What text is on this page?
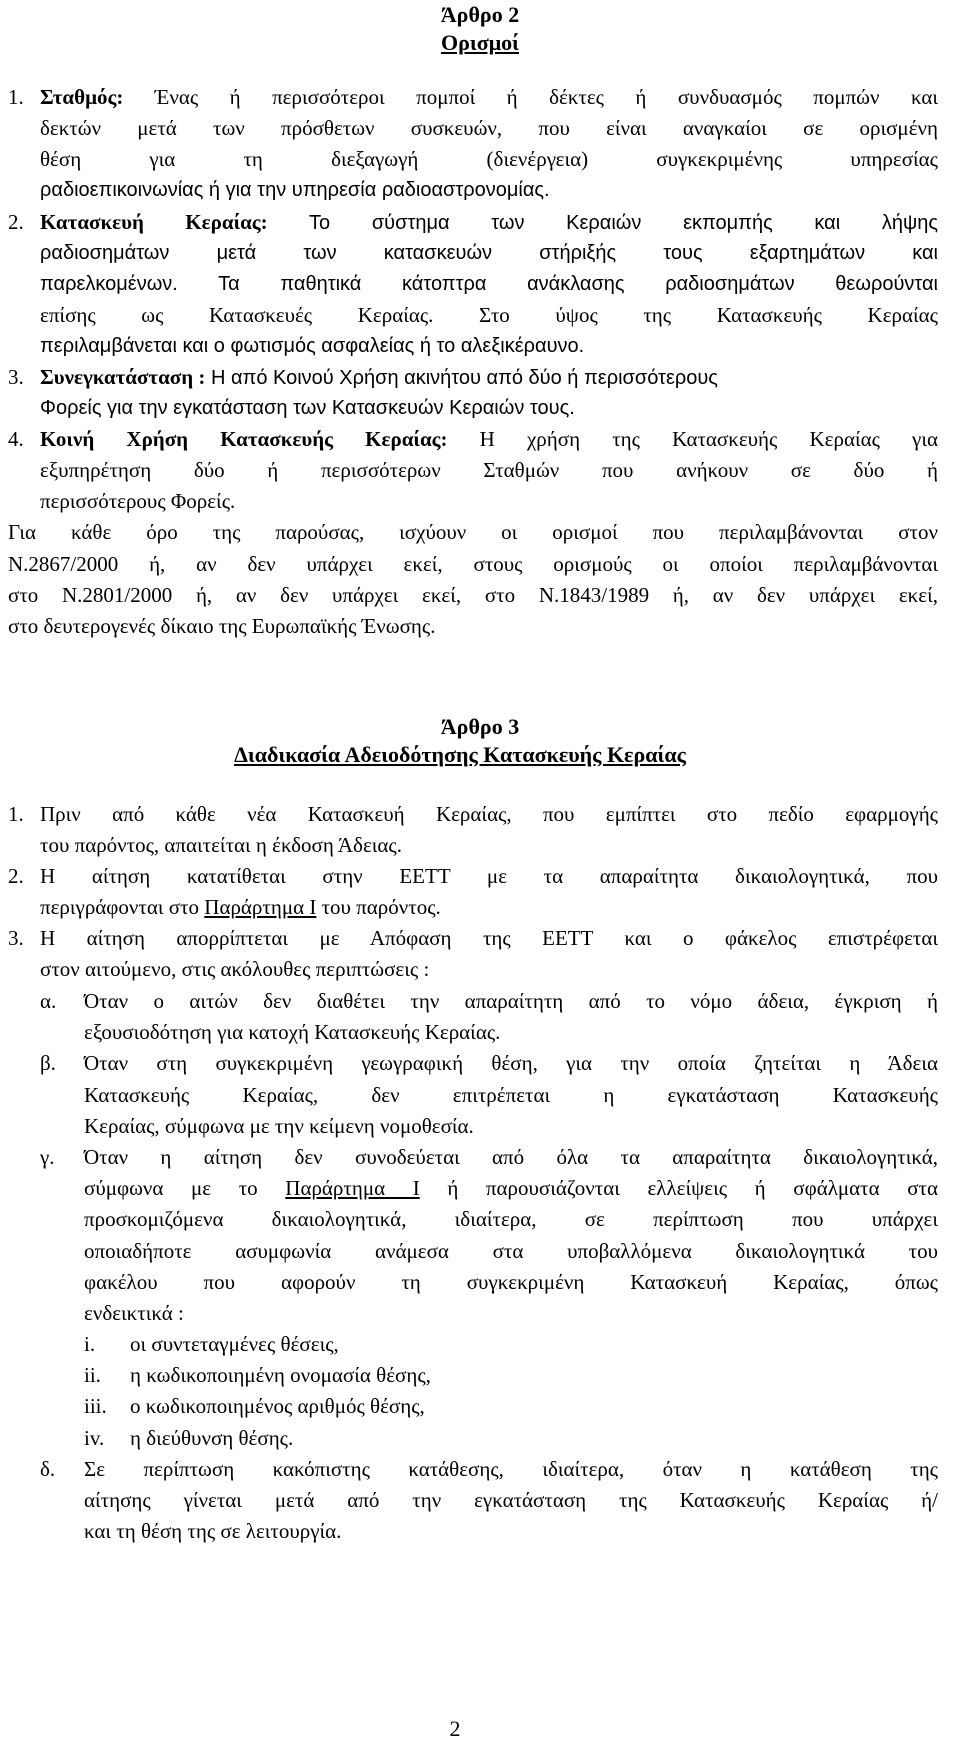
Άρθρο 2
Ορισμοί
1. Σταθμός: Ένας ή περισσότεροι πομποί ή δέκτες ή συνδυασμός πομπών και
δεκτών μετά των πρόσθετων συσκευών, που είναι αναγκαίοι σε ορισμένη
θέση για τη διεξαγωγή (διενέργεια) συγκεκριμένης υπηρεσίας
ραδιοεπικοινωνίας ή για την υπηρεσία ραδιοαστρονομίας.
2. Κατασκευή Κεραίας: Το σύστημα των Κεραιών εκπομπής και λήψης
ραδιοσημάτων μετά των κατασκευών στήριξής τους εξαρτημάτων και
παρελκομένων. Τα παθητικά κάτοπτρα ανάκλασης ραδιοσημάτων θεωρούνται
επίσης ως Κατασκευές Κεραίας. Στο ύψος της Κατασκευής Κεραίας
περιλαμβάνεται και ο φωτισμός ασφαλείας ή το αλεξικέραυνο.
3. Συνεγκατάσταση : Η από Κοινού Χρήση ακινήτου από δύο ή περισσότερους
Φορείς για την εγκατάσταση των Κατασκευών Κεραιών τους.
4. Κοινή Χρήση Κατασκευής Κεραίας: Η χρήση της Κατασκευής Κεραίας για
εξυπηρέτηση δύο ή περισσότερων Σταθμών που ανήκουν σε δύο ή
περισσότερους Φορείς.
Για κάθε όρο της παρούσας, ισχύουν οι ορισμοί που περιλαμβάνονται στον
Ν.2867/2000 ή, αν δεν υπάρχει εκεί, στους ορισμούς οι οποίοι περιλαμβάνονται
στο Ν.2801/2000 ή, αν δεν υπάρχει εκεί, στο Ν.1843/1989 ή, αν δεν υπάρχει εκεί,
στο δευτερογενές δίκαιο της Ευρωπαϊκής Ένωσης.
Άρθρο 3
Διαδικασία Αδειοδότησης Κατασκευής Κεραίας
1. Πριν από κάθε νέα Κατασκευή Κεραίας, που εμπίπτει στο πεδίο εφαρμογής
του παρόντος, απαιτείται η έκδοση Άδειας.
2. Η αίτηση κατατίθεται στην ΕΕΤΤ με τα απαραίτητα δικαιολογητικά, που
περιγράφονται στο Παράρτημα Ι του παρόντος.
3. Η αίτηση απορρίπτεται με Απόφαση της ΕΕΤΤ και ο φάκελος επιστρέφεται
στον αιτούμενο, στις ακόλουθες περιπτώσεις :
α. Όταν ο αιτών δεν διαθέτει την απαραίτητη από το νόμο άδεια, έγκριση ή
εξουσιοδότηση για κατοχή Κατασκευής Κεραίας.
β. Όταν στη συγκεκριμένη γεωγραφική θέση, για την οποία ζητείται η Άδεια
Κατασκευής Κεραίας, δεν επιτρέπεται η εγκατάσταση Κατασκευής
Κεραίας, σύμφωνα με την κείμενη νομοθεσία.
γ. Όταν η αίτηση δεν συνοδεύεται από όλα τα απαραίτητα δικαιολογητικά,
σύμφωνα με το Παράρτημα Ι ή παρουσιάζονται ελλείψεις ή σφάλματα στα
προσκομιζόμενα δικαιολογητικά, ιδιαίτερα, σε περίπτωση που υπάρχει
οποιαδήποτε ασυμφωνία ανάμεσα στα υποβαλλόμενα δικαιολογητικά του
φακέλου που αφορούν τη συγκεκριμένη Κατασκευή Κεραίας, όπως
ενδεικτικά :
i. οι συντεταγμένες θέσεις,
ii. η κωδικοποιημένη ονομασία θέσης,
iii. ο κωδικοποιημένος αριθμός θέσης,
iv. η διεύθυνση θέσης.
δ. Σε περίπτωση κακόπιστης κατάθεσης, ιδιαίτερα, όταν η κατάθεση της
αίτησης γίνεται μετά από την εγκατάσταση της Κατασκευής Κεραίας ή/
και τη θέση της σε λειτουργία.
2
